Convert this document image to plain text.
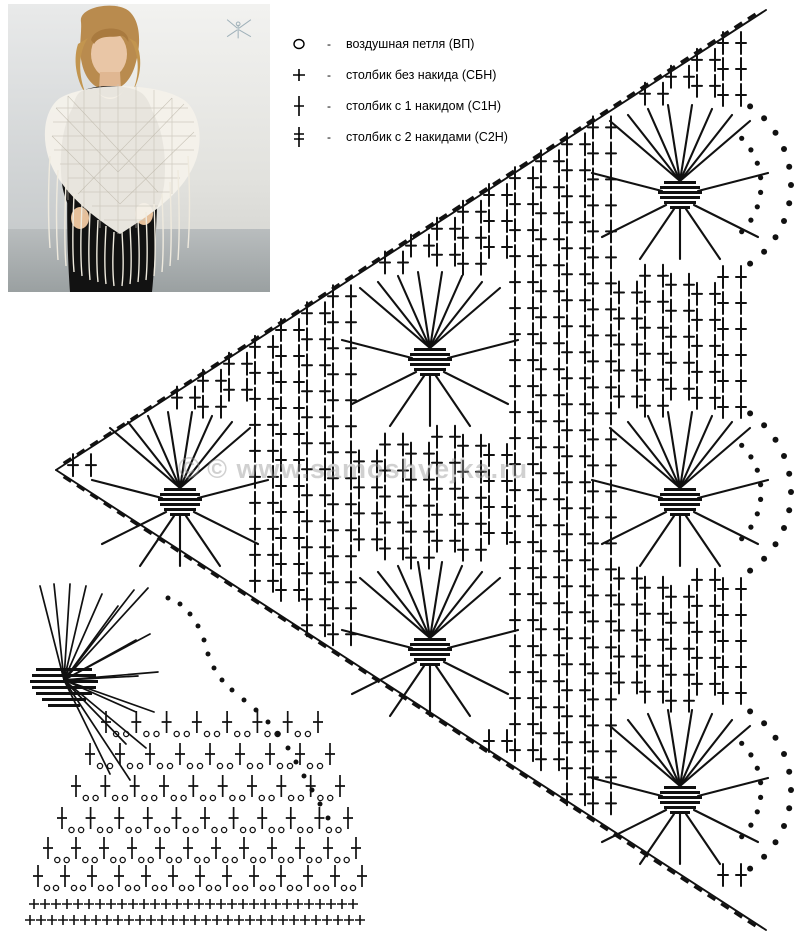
-	воздушная петля (ВП)
-	столбик без накида (СБН)
-	столбик с 1 накидом (С1Н)
-	столбик с 2 накидами (С2Н)
© © www.samoshvejka.ru
